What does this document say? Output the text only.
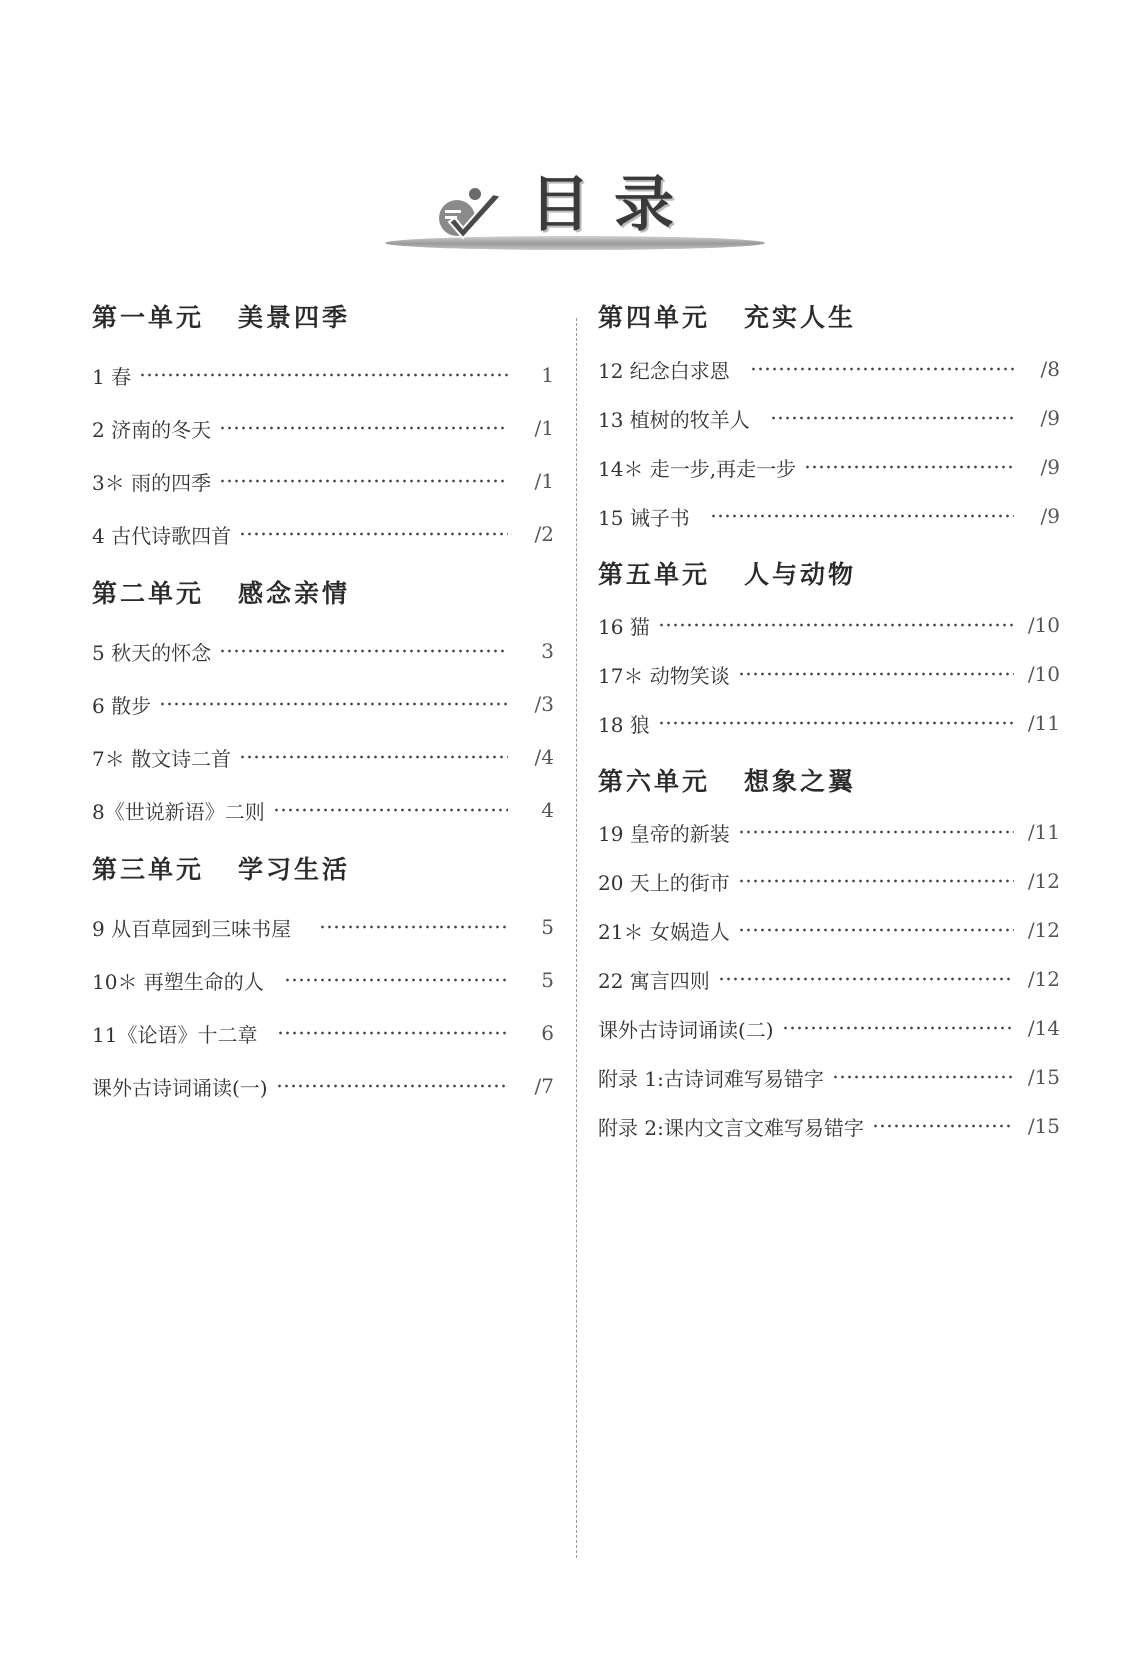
目录
第一单元 美景四季
1 春	1
2 济南的冬天	/1
3＊ 雨的四季	/1
4 古代诗歌四首	/2
第二单元 感念亲情
5 秋天的怀念	3
6 散步	/3
7＊ 散文诗二首	/4
8《世说新语》二则	4
第三单元 学习生活
9 从百草园到三味书屋	5
10＊ 再塑生命的人	5
11《论语》十二章	6
课外古诗词诵读(一)	/7
第四单元 充实人生
12 纪念白求恩	/8
13 植树的牧羊人	/9
14＊ 走一步,再走一步	/9
15 诫子书	/9
第五单元 人与动物
16 猫	/10
17＊ 动物笑谈	/10
18 狼	/11
第六单元 想象之翼
19 皇帝的新装	/11
20 天上的街市	/12
21＊ 女娲造人	/12
22 寓言四则	/12
课外古诗词诵读(二)	/14
附录 1:古诗词难写易错字	/15
附录 2:课内文言文难写易错字	/15
